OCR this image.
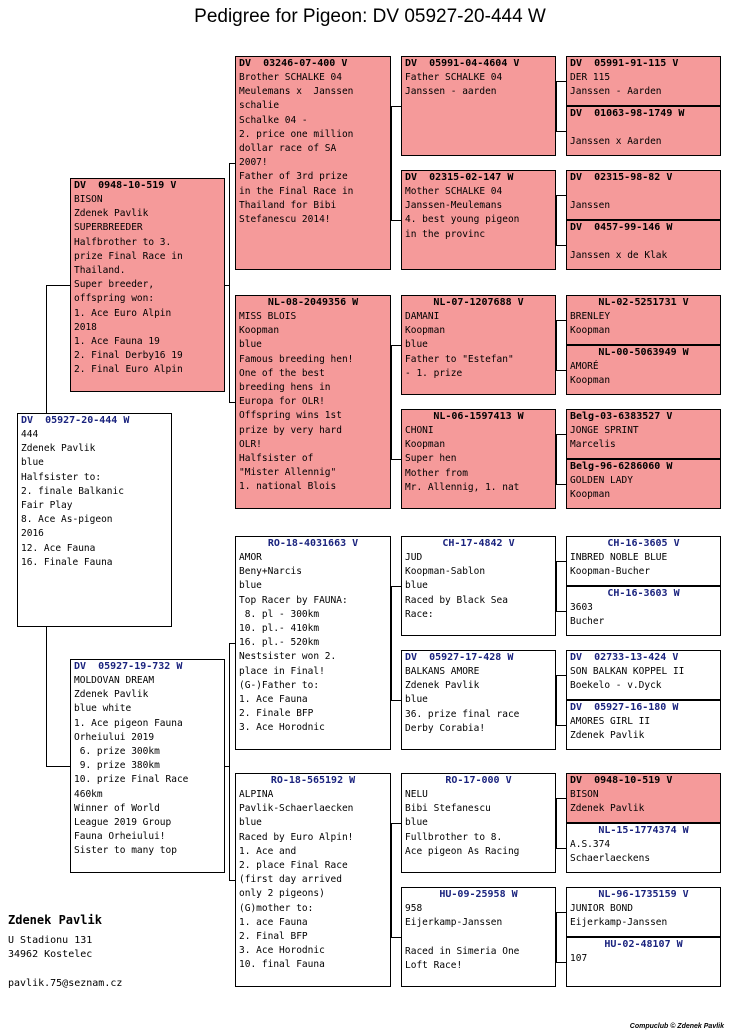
Pedigree for Pigeon: DV 05927-20-444 W
DV  05927-20-444 W
444
Zdenek Pavlik
blue
Halfsister to:
2. finale Balkanic
Fair Play
8. Ace As-pigeon
2016
12. Ace Fauna
16. Finale Fauna
DV  0948-10-519 V
BISON
Zdenek Pavlik
SUPERBREEDER
Halfbrother to 3.
prize Final Race in
Thailand.
Super breeder,
offspring won:
1. Ace Euro Alpin
2018
1. Ace Fauna 19
2. Final Derby16 19
2. Final Euro Alpin
DV  05927-19-732 W
MOLDOVAN DREAM
Zdenek Pavlik
blue white
1. Ace pigeon Fauna
Orheiului 2019
6. prize 300km
9. prize 380km
10. prize Final Race
460km
Winner of World
League 2019 Group
Fauna Orheiului!
Sister to many top
DV  03246-07-400 V
Brother SCHALKE 04
Meulemans x  Janssen
schalie
Schalke 04 -
2. price one million
dollar race of SA
2007!
Father of 3rd prize
in the Final Race in
Thailand for Bibi
Stefanescu 2014!
NL-08-2049356 W
MISS BLOIS
Koopman
blue
Famous breeding hen!
One of the best
breeding hens in
Europa for OLR!
Offspring wins 1st
prize by very hard
OLR!
Halfsister of
"Mister Allennig"
1. national Blois
RO-18-4031663 V
AMOR
Beny+Narcis
blue
Top Racer by FAUNA:
8. pl - 300km
10. pl.- 410km
16. pl.- 520km
Nestsister won 2.
place in Final!
(G-)Father to:
1. Ace Fauna
2. Finale BFP
3. Ace Horodnic
RO-18-565192 W
ALPINA
Pavlik-Schaerlaecken
blue
Raced by Euro Alpin!
1. Ace and
2. place Final Race
(first day arrived
only 2 pigeons)
(G)mother to:
1. ace Fauna
2. Final BFP
3. Ace Horodnic
10. final Fauna
DV  05991-04-4604 V
Father SCHALKE 04
Janssen - aarden
DV  02315-02-147 W
Mother SCHALKE 04
Janssen-Meulemans
4. best young pigeon
in the provinc
NL-07-1207688 V
DAMANI
Koopman
blue
Father to "Estefan"
- 1. prize
NL-06-1597413 W
CHONI
Koopman
Super hen
Mother from
Mr. Allennig, 1. nat
CH-17-4842 V
JUD
Koopman-Sablon
blue
Raced by Black Sea
Race:
DV  05927-17-428 W
BALKANS AMORE
Zdenek Pavlik
blue
36. prize final race
Derby Corabia!
RO-17-000 V
NELU
Bibi Stefanescu
blue
Fullbrother to 8.
Ace pigeon As Racing
HU-09-25958 W
958
Eijerkamp-Janssen

Raced in Simeria One
Loft Race!
DV  05991-91-115 V
DER 115
Janssen - Aarden
DV  01063-98-1749 W

Janssen x Aarden
DV  02315-98-82 V

Janssen
DV  0457-99-146 W

Janssen x de Klak
NL-02-5251731 V
BRENLEY
Koopman
NL-00-5063949 W
AMORÉ
Koopman
Belg-03-6383527 V
JONGE SPRINT
Marcelis
Belg-96-6286060 W
GOLDEN LADY
Koopman
CH-16-3605 V
INBRED NOBLE BLUE
Koopman-Bucher
CH-16-3603 W
3603
Bucher
DV  02733-13-424 V
SON BALKAN KOPPEL II
Boekelo - v.Dyck
DV  05927-16-180 W
AMORES GIRL II
Zdenek Pavlik
DV  0948-10-519 V
BISON
Zdenek Pavlik
NL-15-1774374 W
A.S.374
Schaerlaeckens
NL-96-1735159 V
JUNIOR BOND
Eijerkamp-Janssen
HU-02-48107 W
107
Zdenek Pavlik
U Stadionu 131
34962 Kostelec
pavlik.75@seznam.cz
Compuclub © Zdenek Pavlik
